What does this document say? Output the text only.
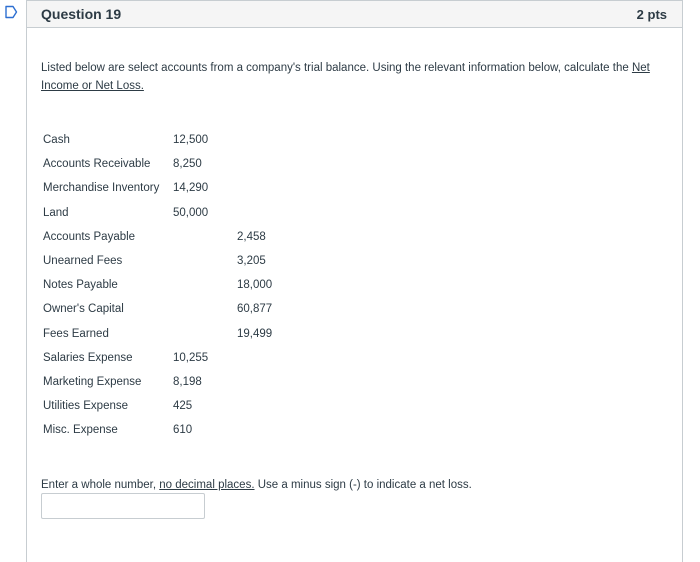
Question 19	2 pts
Listed below are select accounts from a company's trial balance. Using the relevant information below, calculate the Net Income or Net Loss.
Cash	12,500	
Accounts Receivable	8,250	
Merchandise Inventory	14,290	
Land	50,000	
Accounts Payable		2,458
Unearned Fees		3,205
Notes Payable		18,000
Owner's Capital		60,877
Fees Earned		19,499
Salaries Expense	10,255	
Marketing Expense	8,198	
Utilities Expense	425	
Misc. Expense	610	
Enter a whole number, no decimal places. Use a minus sign (-) to indicate a net loss.
